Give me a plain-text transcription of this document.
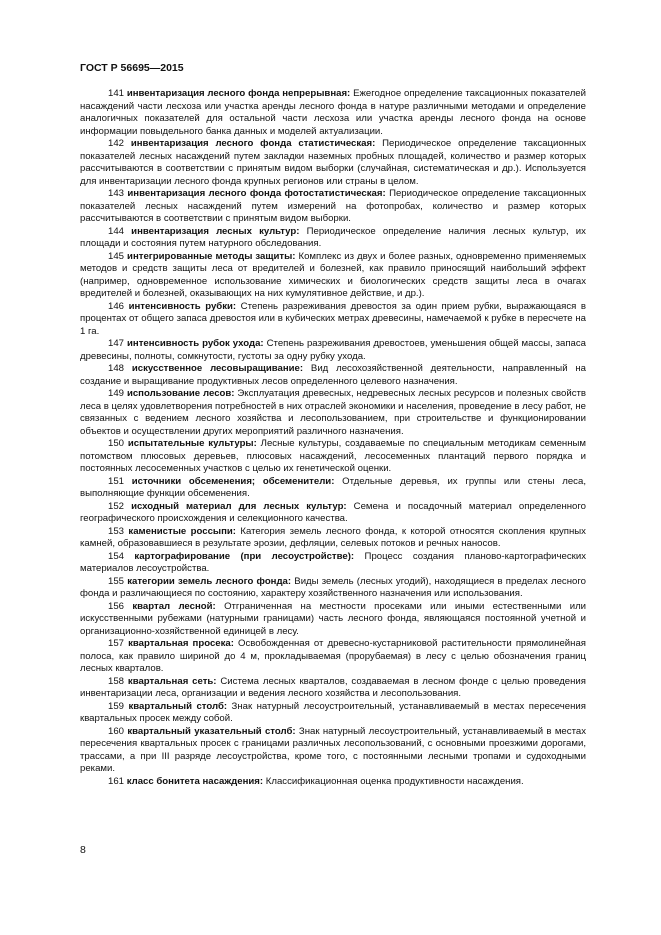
ГОСТ Р 56695—2015

141 инвентаризация лесного фонда непрерывная: Ежегодное определение таксационных показателей насаждений части лесхоза или участка аренды лесного фонда в натуре различными методами и определение аналогичных показателей для остальной части лесхоза или участка аренды лесного фонда на основе информации повыдельного банка данных и моделей актуализации.

142 инвентаризация лесного фонда статистическая: Периодическое определение таксационных показателей лесных насаждений путем закладки наземных пробных площадей, количество и размер которых рассчитываются в соответствии с принятым видом выборки (случайная, систематическая и др.). Используется для инвентаризации лесного фонда крупных регионов или страны в целом.

143 инвентаризация лесного фонда фотостатистическая: Периодическое определение таксационных показателей лесных насаждений путем измерений на фотопробах, количество и размер которых рассчитываются в соответствии с принятым видом выборки.

144 инвентаризация лесных культур: Периодическое определение наличия лесных культур, их площади и состояния путем натурного обследования.

145 интегрированные методы защиты: Комплекс из двух и более разных, одновременно применяемых методов и средств защиты леса от вредителей и болезней, как правило приносящий наибольший эффект (например, одновременное использование химических и биологических средств защиты леса в очагах вредителей и болезней, оказывающих на них кумулятивное действие, и др.).

146 интенсивность рубки: Степень разреживания древостоя за один прием рубки, выражающаяся в процентах от общего запаса древостоя или в кубических метрах древесины, намечаемой к рубке в пересчете на 1 га.

147 интенсивность рубок ухода: Степень разреживания древостоев, уменьшения общей массы, запаса древесины, полноты, сомкнутости, густоты за одну рубку ухода.

148 искусственное лесовыращивание: Вид лесохозяйственной деятельности, направленный на создание и выращивание продуктивных лесов определенного целевого назначения.

149 использование лесов: Эксплуатация древесных, недревесных лесных ресурсов и полезных свойств леса в целях удовлетворения потребностей в них отраслей экономики и населения, проведение в лесу работ, не связанных с ведением лесного хозяйства и лесопользованием, при строительстве и функционировании объектов и осуществлении других мероприятий различного назначения.

150 испытательные культуры: Лесные культуры, создаваемые по специальным методикам семенным потомством плюсовых деревьев, плюсовых насаждений, лесосеменных плантаций первого порядка и постоянных лесосеменных участков с целью их генетической оценки.

151 источники обсеменения; обсеменители: Отдельные деревья, их группы или стены леса, выполняющие функции обсеменения.

152 исходный материал для лесных культур: Семена и посадочный материал определенного географического происхождения и селекционного качества.

153 каменистые россыпи: Категория земель лесного фонда, к которой относятся скопления крупных камней, образовавшиеся в результате эрозии, дефляции, селевых потоков и речных наносов.

154 картографирование (при лесоустройстве): Процесс создания планово-картографических материалов лесоустройства.

155 категории земель лесного фонда: Виды земель (лесных угодий), находящиеся в пределах лесного фонда и различающиеся по состоянию, характеру хозяйственного назначения или использования.

156 квартал лесной: Отграниченная на местности просеками или иными естественными или искусственными рубежами (натурными границами) часть лесного фонда, являющаяся постоянной учетной и организационно-хозяйственной единицей в лесу.

157 квартальная просека: Освобожденная от древесно-кустарниковой растительности прямолинейная полоса, как правило шириной до 4 м, прокладываемая (прорубаемая) в лесу с целью обозначения границ лесных кварталов.

158 квартальная сеть: Система лесных кварталов, создаваемая в лесном фонде с целью проведения инвентаризации леса, организации и ведения лесного хозяйства и лесопользования.

159 квартальный столб: Знак натурный лесоустроительный, устанавливаемый в местах пересечения квартальных просек между собой.

160 квартальный указательный столб: Знак натурный лесоустроительный, устанавливаемый в местах пересечения квартальных просек с границами различных лесопользований, с основными проезжими дорогами, трассами, а при III разряде лесоустройства, кроме того, с постоянными лесными тропами и судоходными реками.

161 класс бонитета насаждения: Классификационная оценка продуктивности насаждения.

8
